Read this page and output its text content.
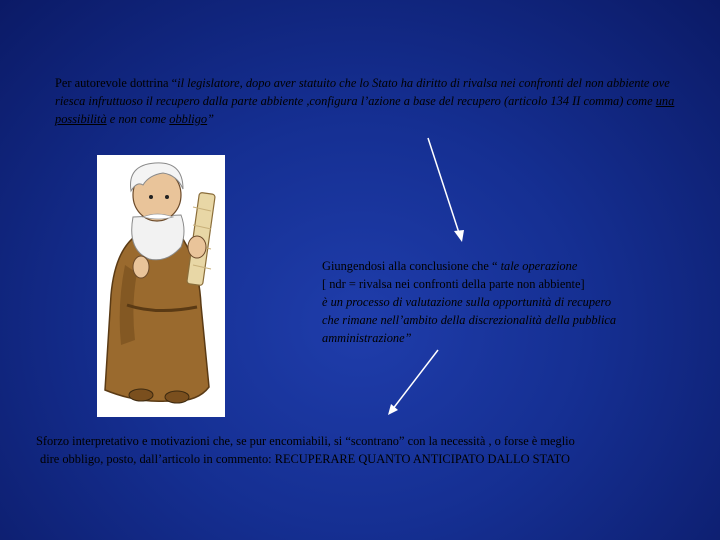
Per autorevole dottrina “il legislatore, dopo aver statuito che lo Stato ha diritto di rivalsa nei confronti del non abbiente ove riesca infruttuoso il recupero dalla parte abbiente ,configura l’azione a base del recupero (articolo 134 II comma) come una possibilità e non come obbligo”
Giungendosi alla conclusione che “ tale operazione
[ ndr = rivalsa nei confronti della parte non abbiente]
è un processo di valutazione sulla opportunità di recupero
che rimane nell’ambito della discrezionalità della pubblica
amministrazione”
Sforzo interpretativo e motivazioni che, se pur encomiabili, si “scontrano” con la necessità , o forse è meglio
dire obbligo, posto, dall’articolo in commento: RECUPERARE QUANTO ANTICIPATO DALLO STATO
